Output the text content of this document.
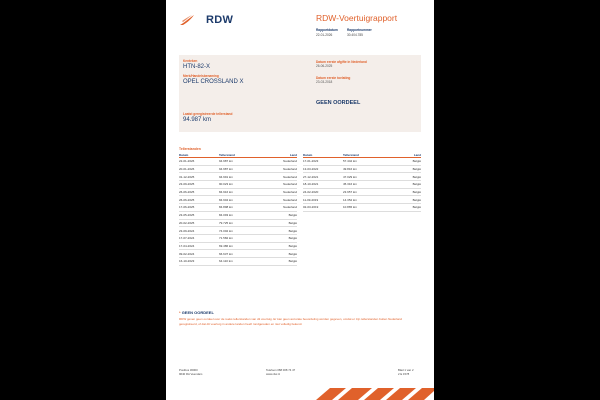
RDW	RDW-Voertuigrapport
Rapportdatum
22-01-2026
Rapportnummer
30.404.785
Kenteken
HTN-82-X
Merk/Handelsbenaming
OPEL CROSSLAND X
Laatst geregistreerde tellerstand
94.987 km
Datum eerste afgifte in Nederland
26-06-2025
Datum eerste toelating
23-03-2018
GEEN OORDEEL
Tellerstanden
Datum	Tellerstand	Land
22-01-2026	94.987 km	Nederland
20-01-2026	94.987 km	Nederland
31-12-2025	94.991 km	Nederland
23-09-2025	90.023 km	Nederland
26-06-2025	84.916 km	Nederland
26-06-2025	84.904 km	Nederland
17-06-2025	84.898 km	Nederland
23-05-2025	84.093 km	België
20-02-2025	79.725 km	België
23-09-2024	74.002 km	België
17-07-2024	71.582 km	België
17-04-2024	69.486 km	België
09-02-2024	66.637 km	België
16-10-2023	64.110 km	België
Datum	Tellerstand	Land
17-01-2023	57.442 km	België
13-03-2022	49.816 km	België
27-12-2021	47.029 km	België
18-10-2021	45.316 km	België
24-02-2020	23.957 km	België
11-09-2019	14.352 km	België
02-03-2019	10.865 km	België
* GEEN OORDEEL
RDW geven geen oordeel over de reeks tellerstanden van dit voertuig. Er kan geen accurate beoordeling worden gegeven, omdat er zijn tellerstanden buiten Nederland geregistreerd, of dat dit voertuig in andere landen heeft rondgereden en niet volledig bekend.
Postbus 30000
9640 RA Veendam
Telefoon 088 008 74 47
www.rdw.nl
Blad 1 van 2
2 E 1578
